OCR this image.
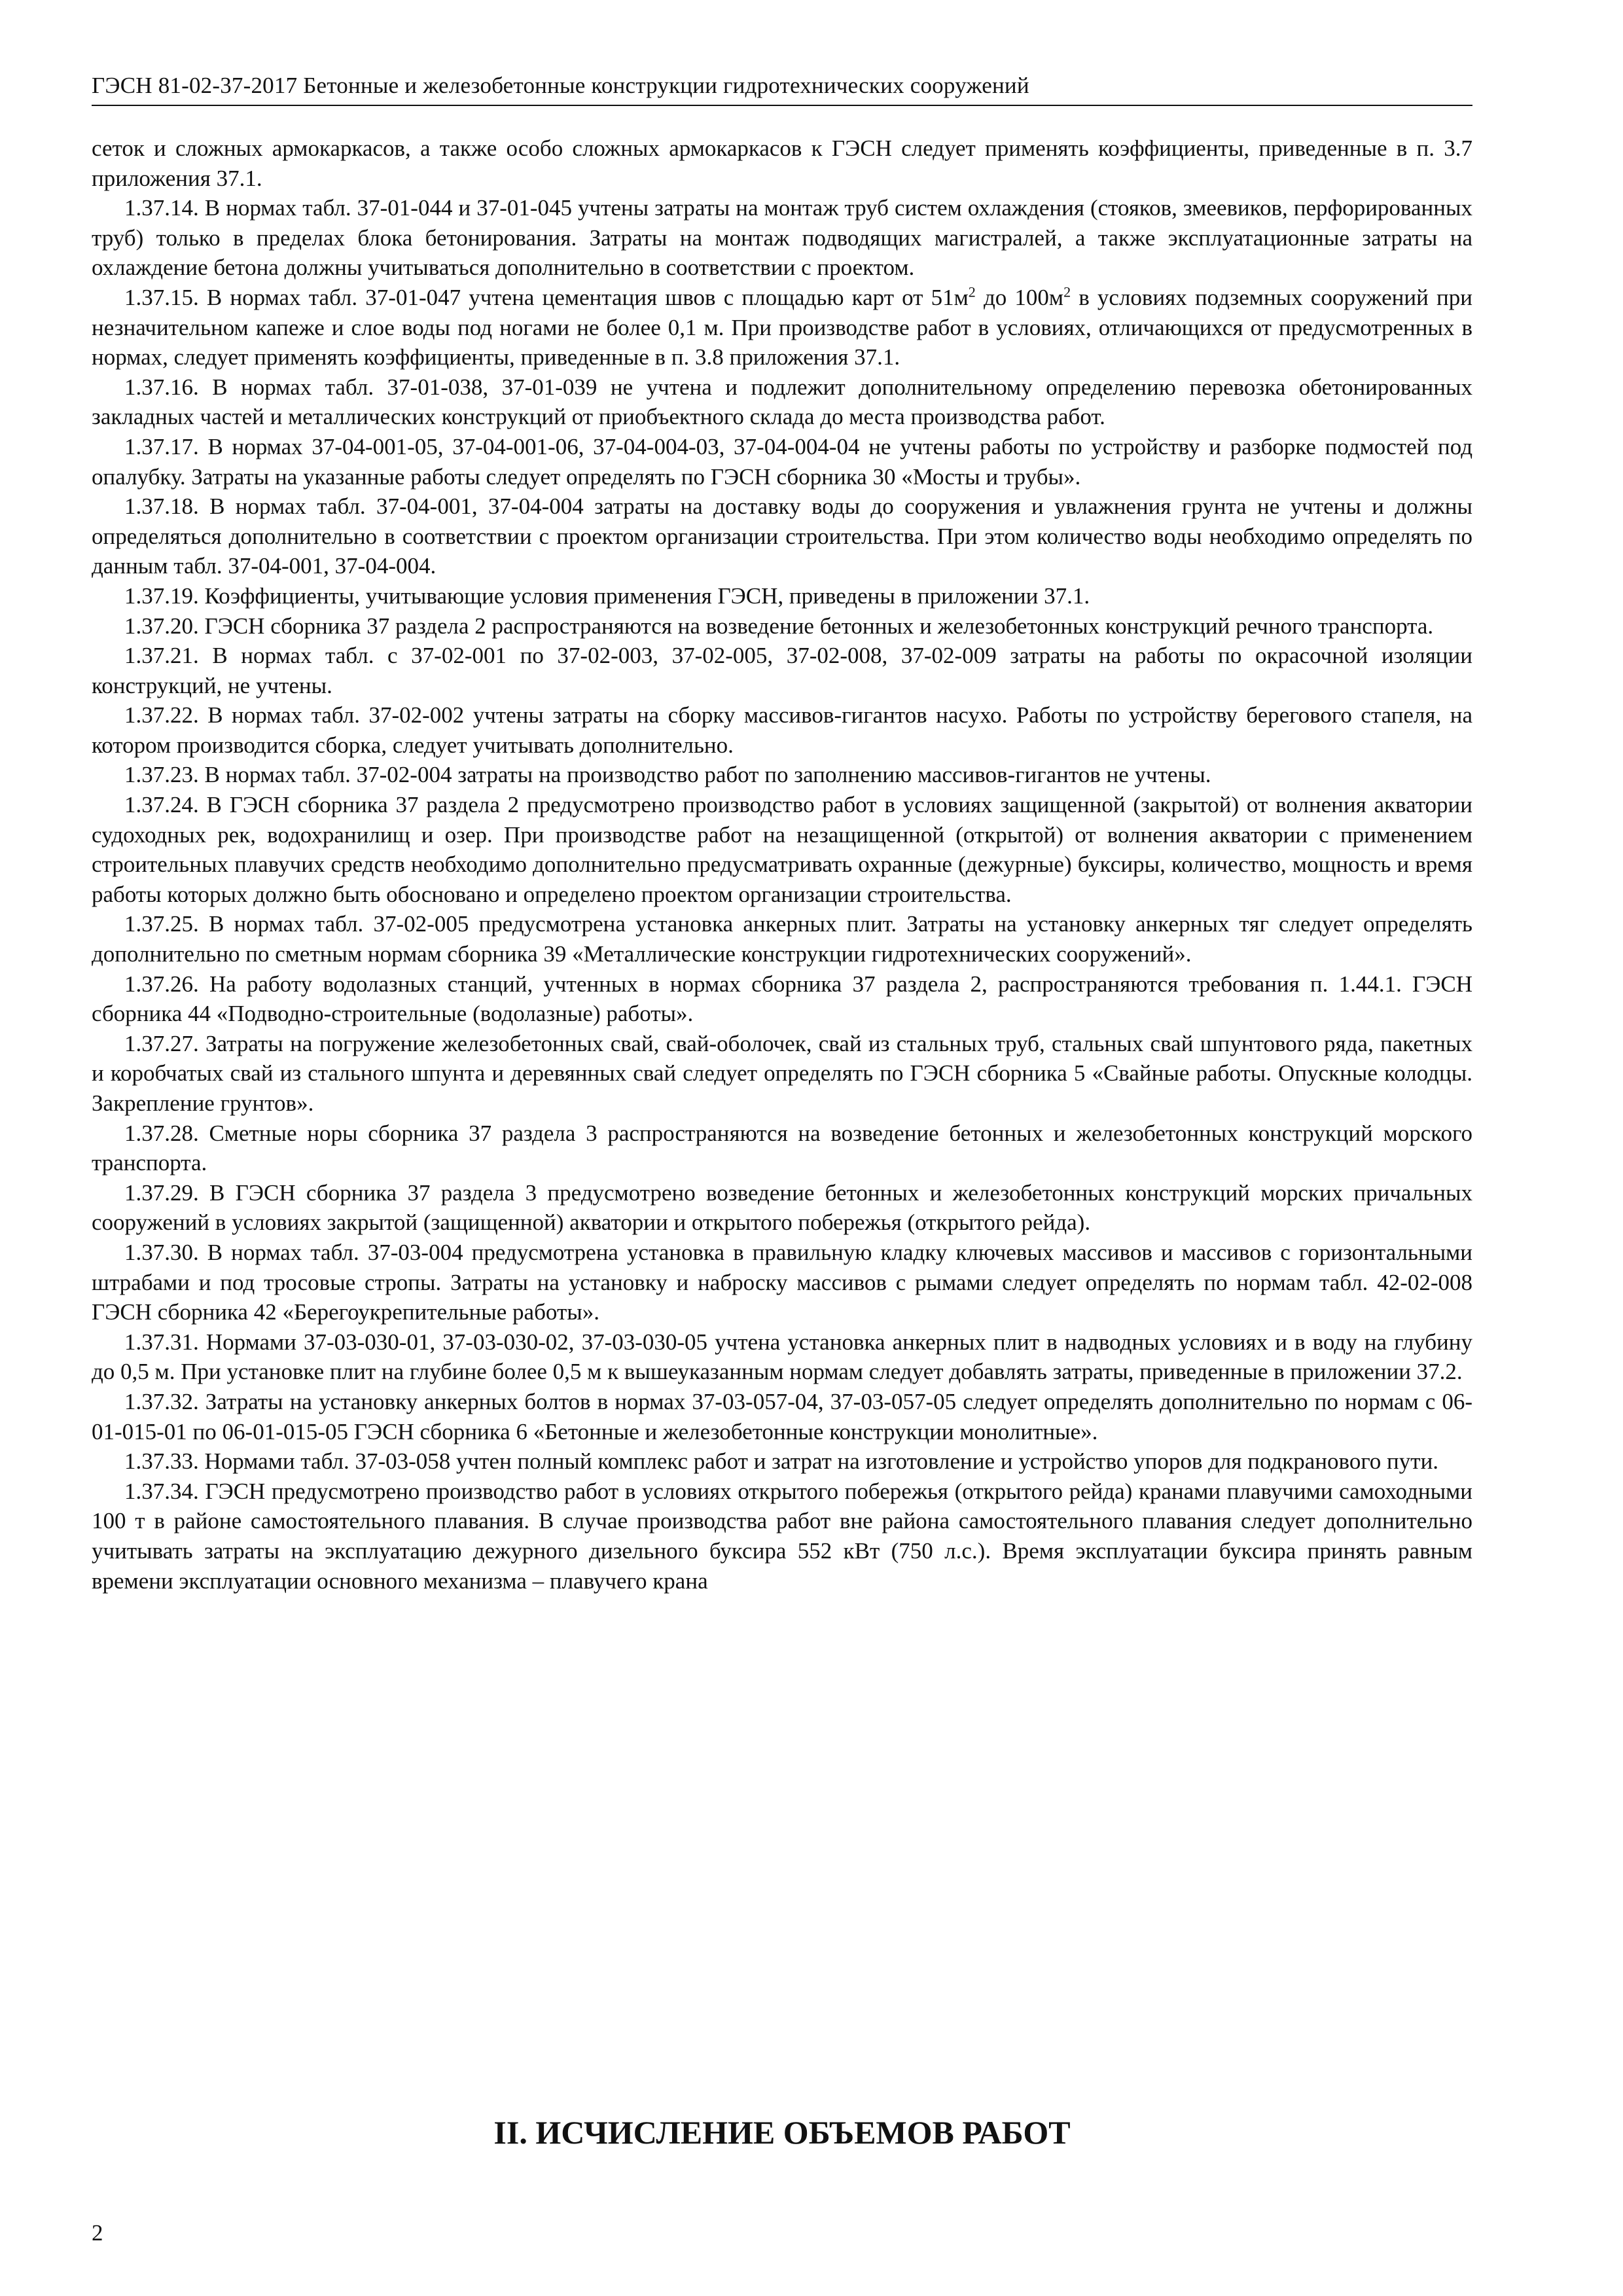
ГЭСН 81-02-37-2017 Бетонные и железобетонные конструкции гидротехнических сооружений

сеток и сложных армокаркасов, а также особо сложных армокаркасов к ГЭСН следует применять коэффициенты, приведенные в п. 3.7 приложения 37.1.

1.37.14. В нормах табл. 37-01-044 и 37-01-045 учтены затраты на монтаж труб систем охлаждения (стояков, змеевиков, перфорированных труб) только в пределах блока бетонирования. Затраты на монтаж подводящих магистралей, а также эксплуатационные затраты на охлаждение бетона должны учитываться дополнительно в соответствии с проектом.

1.37.15. В нормах табл. 37-01-047 учтена цементация швов с площадью карт от $51м^2$ до $100м^2$ в условиях подземных сооружений при незначительном капеже и слое воды под ногами не более 0,1 м. При производстве работ в условиях, отличающихся от предусмотренных в нормах, следует применять коэффициенты, приведенные в п. 3.8 приложения 37.1.

1.37.16. В нормах табл. 37-01-038, 37-01-039 не учтена и подлежит дополнительному определению перевозка обетонированных закладных частей и металлических конструкций от приобъектного склада до места производства работ.

1.37.17. В нормах 37-04-001-05, 37-04-001-06, 37-04-004-03, 37-04-004-04 не учтены работы по устройству и разборке подмостей под опалубку. Затраты на указанные работы следует определять по ГЭСН сборника 30 «Мосты и трубы».

1.37.18. В нормах табл. 37-04-001, 37-04-004 затраты на доставку воды до сооружения и увлажнения грунта не учтены и должны определяться дополнительно в соответствии с проектом организации строительства. При этом количество воды необходимо определять по данным табл. 37-04-001, 37-04-004.

1.37.19. Коэффициенты, учитывающие условия применения ГЭСН, приведены в приложении 37.1.

1.37.20. ГЭСН сборника 37 раздела 2 распространяются на возведение бетонных и железобетонных конструкций речного транспорта.

1.37.21. В нормах табл. с 37-02-001 по 37-02-003, 37-02-005, 37-02-008, 37-02-009 затраты на работы по окрасочной изоляции конструкций, не учтены.

1.37.22. В нормах табл. 37-02-002 учтены затраты на сборку массивов-гигантов насухо. Работы по устройству берегового стапеля, на котором производится сборка, следует учитывать дополнительно.

1.37.23. В нормах табл. 37-02-004 затраты на производство работ по заполнению массивов-гигантов не учтены.

1.37.24. В ГЭСН сборника 37 раздела 2 предусмотрено производство работ в условиях защищенной (закрытой) от волнения акватории судоходных рек, водохранилищ и озер. При производстве работ на незащищенной (открытой) от волнения акватории с применением строительных плавучих средств необходимо дополнительно предусматривать охранные (дежурные) буксиры, количество, мощность и время работы которых должно быть обосновано и определено проектом организации строительства.

1.37.25. В нормах табл. 37-02-005 предусмотрена установка анкерных плит. Затраты на установку анкерных тяг следует определять дополнительно по сметным нормам сборника 39 «Металлические конструкции гидротехнических сооружений».

1.37.26. На работу водолазных станций, учтенных в нормах сборника 37 раздела 2, распространяются требования п. 1.44.1. ГЭСН сборника 44 «Подводно-строительные (водолазные) работы».

1.37.27. Затраты на погружение железобетонных свай, свай-оболочек, свай из стальных труб, стальных свай шпунтового ряда, пакетных и коробчатых свай из стального шпунта и деревянных свай следует определять по ГЭСН сборника 5 «Свайные работы. Опускные колодцы. Закрепление грунтов».

1.37.28. Сметные норы сборника 37 раздела 3 распространяются на возведение бетонных и железобетонных конструкций морского транспорта.

1.37.29. В ГЭСН сборника 37 раздела 3 предусмотрено возведение бетонных и железобетонных конструкций морских причальных сооружений в условиях закрытой (защищенной) акватории и открытого побережья (открытого рейда).

1.37.30. В нормах табл. 37-03-004 предусмотрена установка в правильную кладку ключевых массивов и массивов с горизонтальными штрабами и под тросовые стропы. Затраты на установку и наброску массивов с рымами следует определять по нормам табл. 42-02-008 ГЭСН сборника 42 «Берегоукрепительные работы».

1.37.31. Нормами 37-03-030-01, 37-03-030-02, 37-03-030-05 учтена установка анкерных плит в надводных условиях и в воду на глубину до 0,5 м. При установке плит на глубине более 0,5 м к вышеуказанным нормам следует добавлять затраты, приведенные в приложении 37.2.

1.37.32. Затраты на установку анкерных болтов в нормах 37-03-057-04, 37-03-057-05 следует определять дополнительно по нормам с 06-01-015-01 по 06-01-015-05 ГЭСН сборника 6 «Бетонные и железобетонные конструкции монолитные».

1.37.33. Нормами табл. 37-03-058 учтен полный комплекс работ и затрат на изготовление и устройство упоров для подкранового пути.

1.37.34. ГЭСН предусмотрено производство работ в условиях открытого побережья (открытого рейда) кранами плавучими самоходными 100 т в районе самостоятельного плавания. В случае производства работ вне района самостоятельного плавания следует дополнительно учитывать затраты на эксплуатацию дежурного дизельного буксира 552 кВт (750 л.с.). Время эксплуатации буксира принять равным времени эксплуатации основного механизма – плавучего крана

II. ИСЧИСЛЕНИЕ ОБЪЕМОВ РАБОТ
2
